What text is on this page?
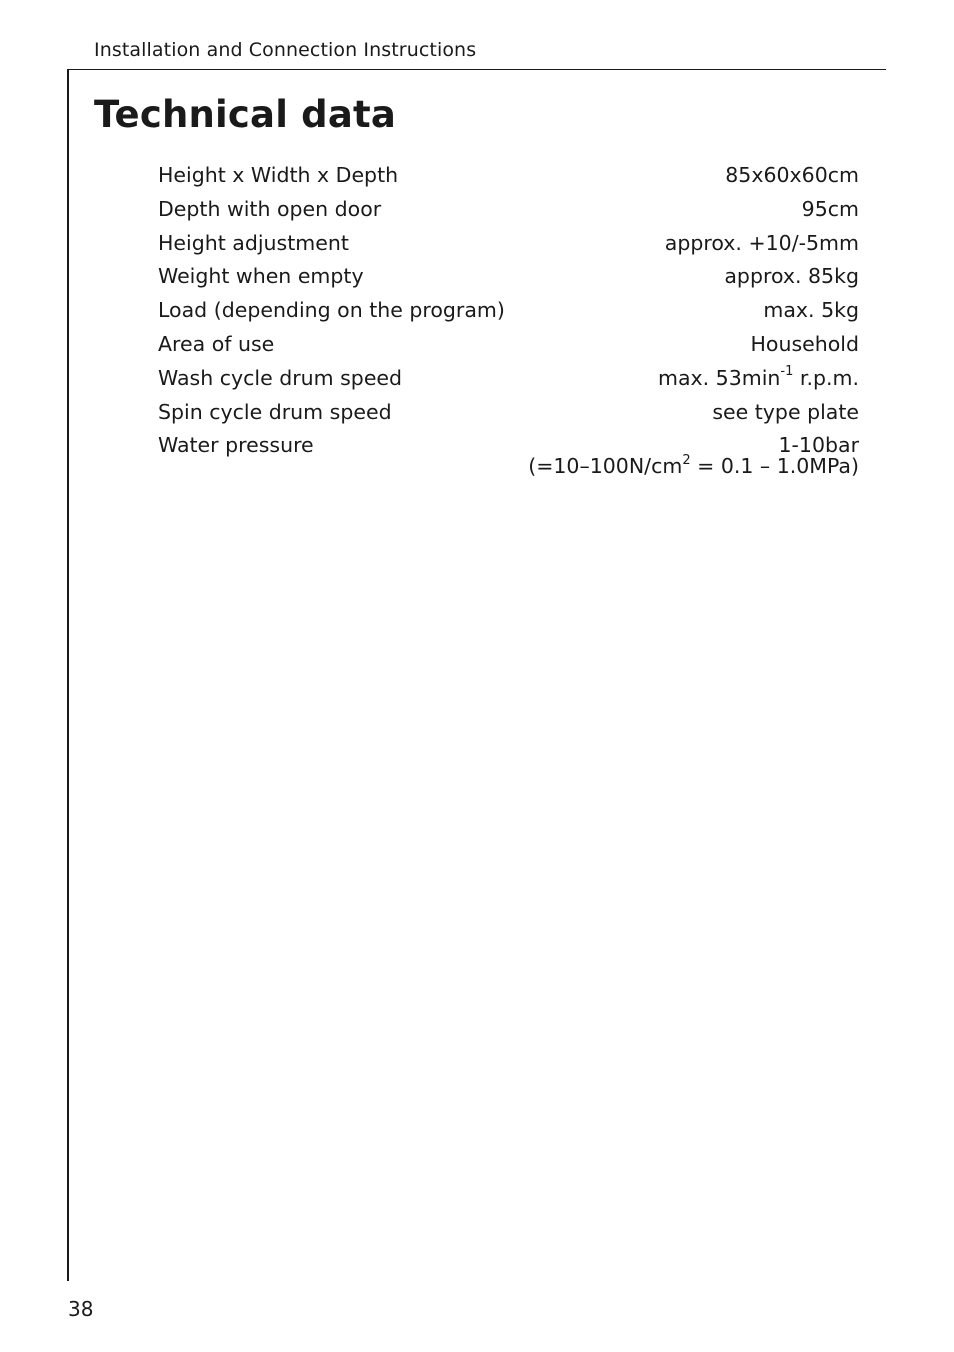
Installation and Connection Instructions
Technical data
Height x Width x Depth	85x60x60cm
Depth with open door	95cm
Height adjustment	approx. +10/-5mm
Weight when empty	approx. 85kg
Load (depending on the program)	max. 5kg
Area of use	Household
Wash cycle drum speed	max. $53\min^{-1}$ r.p.m.
Spin cycle drum speed	see type plate
Water pressure	1-10bar
$(=10-100N/cm^2 = 0.1 - 1.0MPa)$
38
